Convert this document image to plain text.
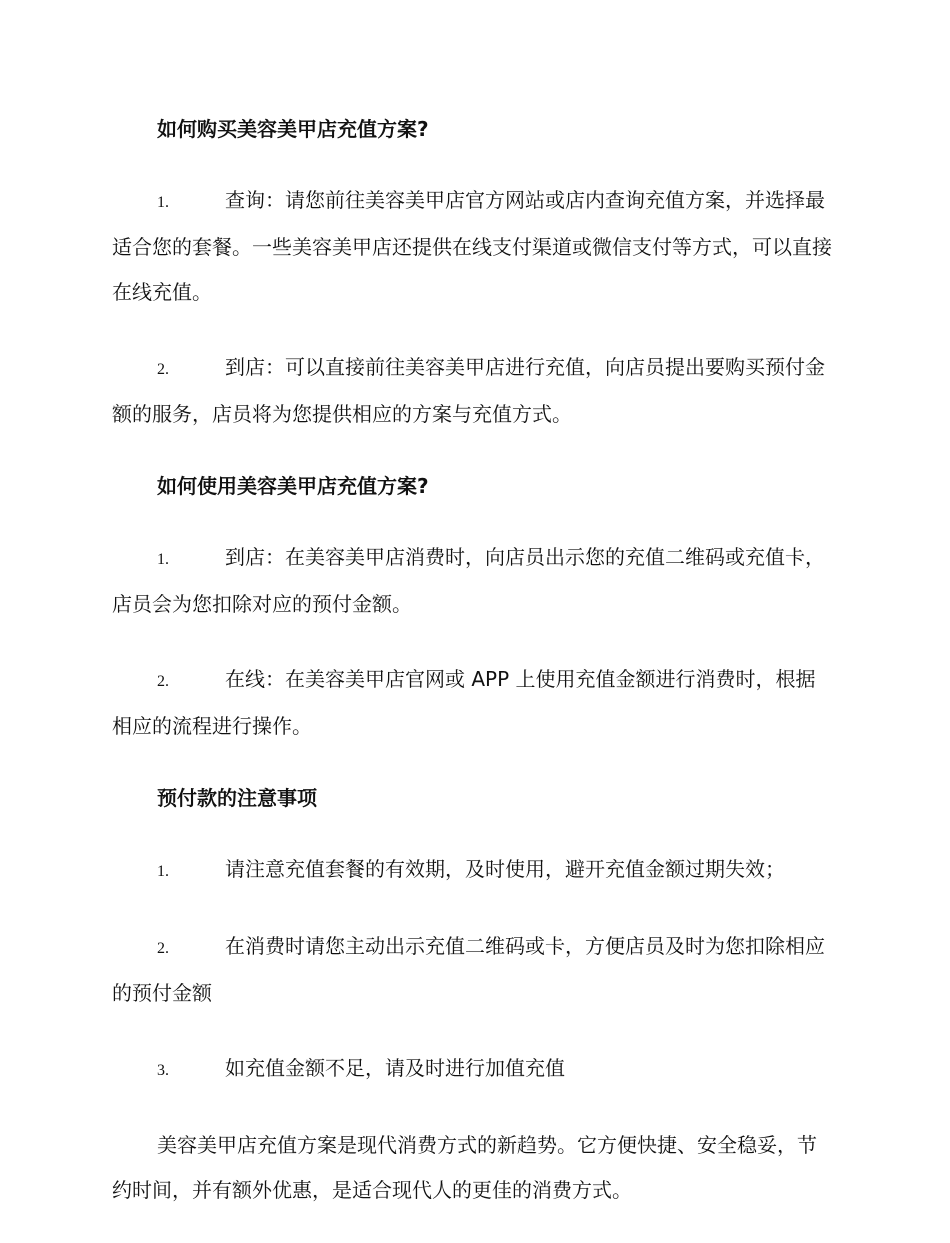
如何购买美容美甲店充值方案?

1.	查询：请您前往美容美甲店官方网站或店内查询充值方案，并选择最适合您的套餐。一些美容美甲店还提供在线支付渠道或微信支付等方式，可以直接在线充值。

2.	到店：可以直接前往美容美甲店进行充值，向店员提出要购买预付金额的服务，店员将为您提供相应的方案与充值方式。

如何使用美容美甲店充值方案?

1.	到店：在美容美甲店消费时，向店员出示您的充值二维码或充值卡，店员会为您扣除对应的预付金额。

2.	在线：在美容美甲店官网或 APP 上使用充值金额进行消费时，根据相应的流程进行操作。

预付款的注意事项

1.	请注意充值套餐的有效期，及时使用，避开充值金额过期失效；

2.	在消费时请您主动出示充值二维码或卡，方便店员及时为您扣除相应的预付金额

3.	如充值金额不足，请及时进行加值充值

美容美甲店充值方案是现代消费方式的新趋势。它方便快捷、安全稳妥，节约时间，并有额外优惠，是适合现代人的更佳的消费方式。
